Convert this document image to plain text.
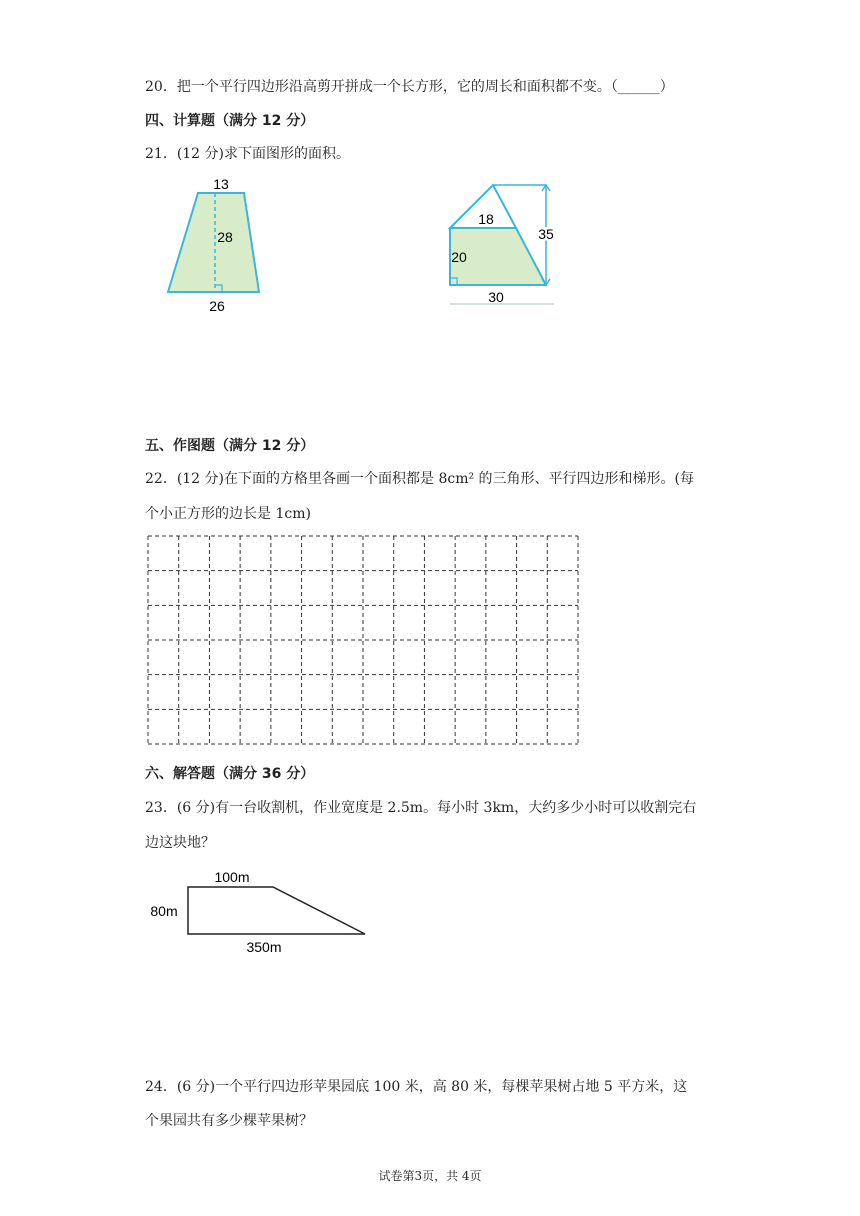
20．把一个平行四边形沿高剪开拼成一个长方形，它的周长和面积都不变。（______）
四、计算题（满分 12 分）
21．(12 分)求下面图形的面积。
13
28
26
18
35
20
30
五、作图题（满分 12 分）
22．(12 分)在下面的方格里各画一个面积都是 8cm² 的三角形、平行四边形和梯形。(每
个小正方形的边长是 1cm)
六、解答题（满分 36 分）
23．(6 分)有一台收割机，作业宽度是 2.5m。每小时 3km，大约多少小时可以收割完右
边这块地？
100m
80m
350m
24．(6 分)一个平行四边形苹果园底 100 米，高 80 米，每棵苹果树占地 5 平方米，这
个果园共有多少棵苹果树？
试卷第3页，共 4页
